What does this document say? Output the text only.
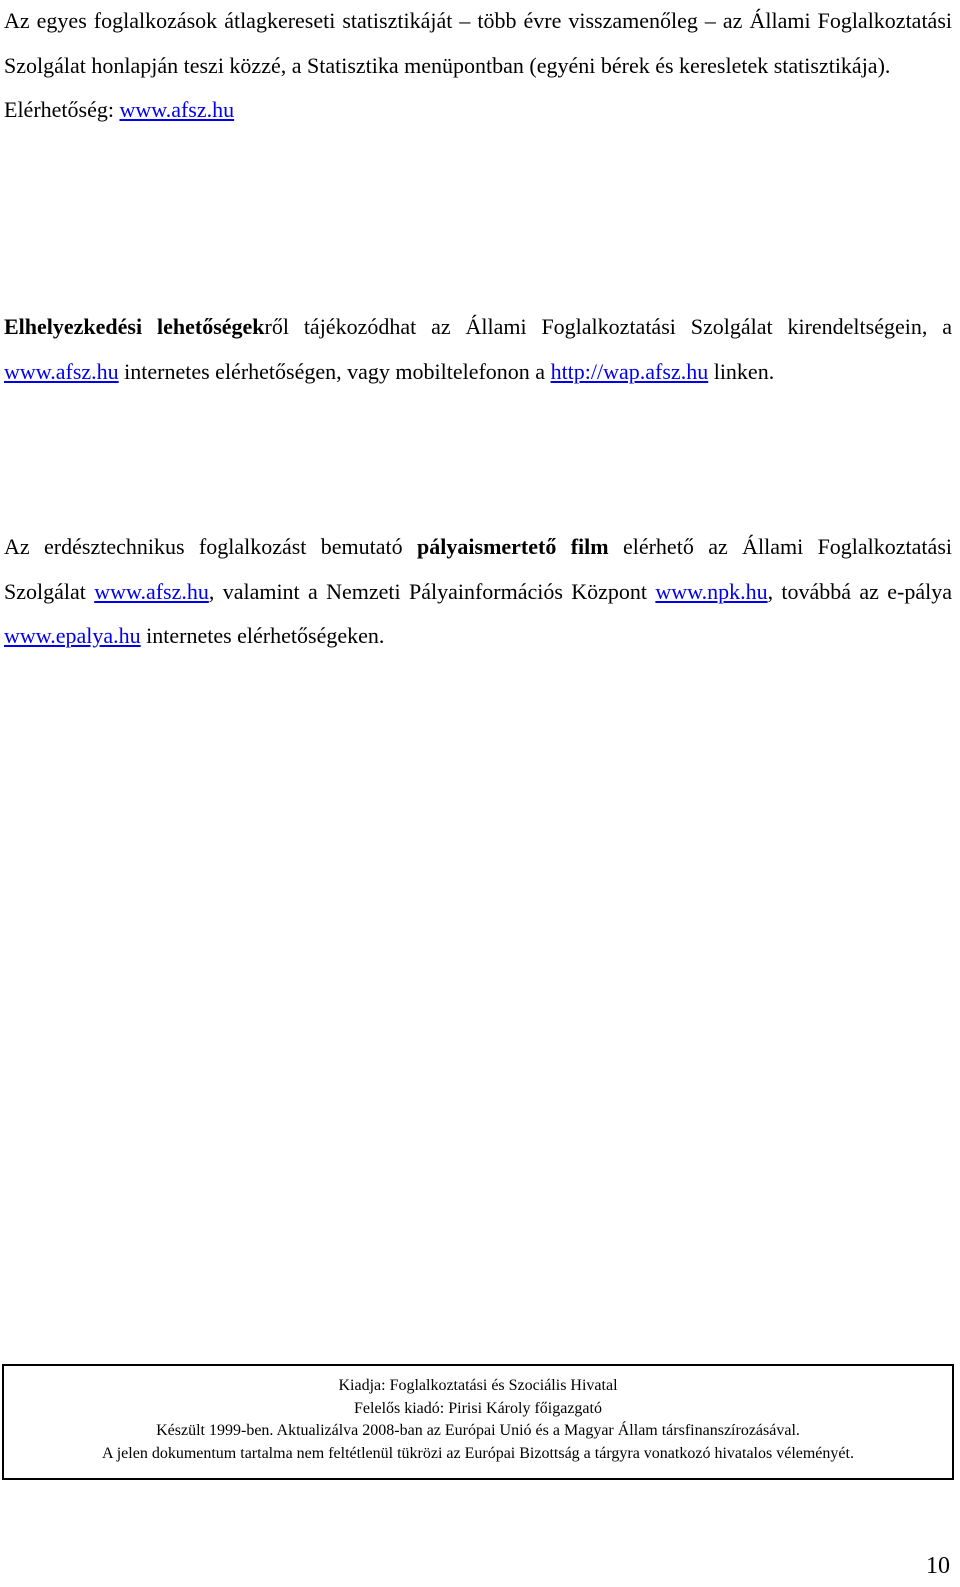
Az egyes foglalkozások átlagkereseti statisztikáját – több évre visszamenőleg – az Állami Foglalkoztatási Szolgálat honlapján teszi közzé, a Statisztika menüpontban (egyéni bérek és keresletek statisztikája).
Elérhetőség: www.afsz.hu

Elhelyezkedési lehetőségekről tájékozódhat az Állami Foglalkoztatási Szolgálat kirendeltségein, a www.afsz.hu internetes elérhetőségen, vagy mobiltelefonon a http://wap.afsz.hu linken.

Az erdésztechnikus foglalkozást bemutató pályaismertető film elérhető az Állami Foglalkoztatási Szolgálat www.afsz.hu, valamint a Nemzeti Pályainformációs Központ www.npk.hu, továbbá az e-pálya www.epalya.hu internetes elérhetőségeken.

Kiadja: Foglalkoztatási és Szociális Hivatal
Felelős kiadó: Pirisi Károly főigazgató
Készült 1999-ben. Aktualizálva 2008-ban az Európai Unió és a Magyar Állam társfinanszírozásával.
A jelen dokumentum tartalma nem feltétlenül tükrözi az Európai Bizottság a tárgyra vonatkozó hivatalos véleményét.
10
